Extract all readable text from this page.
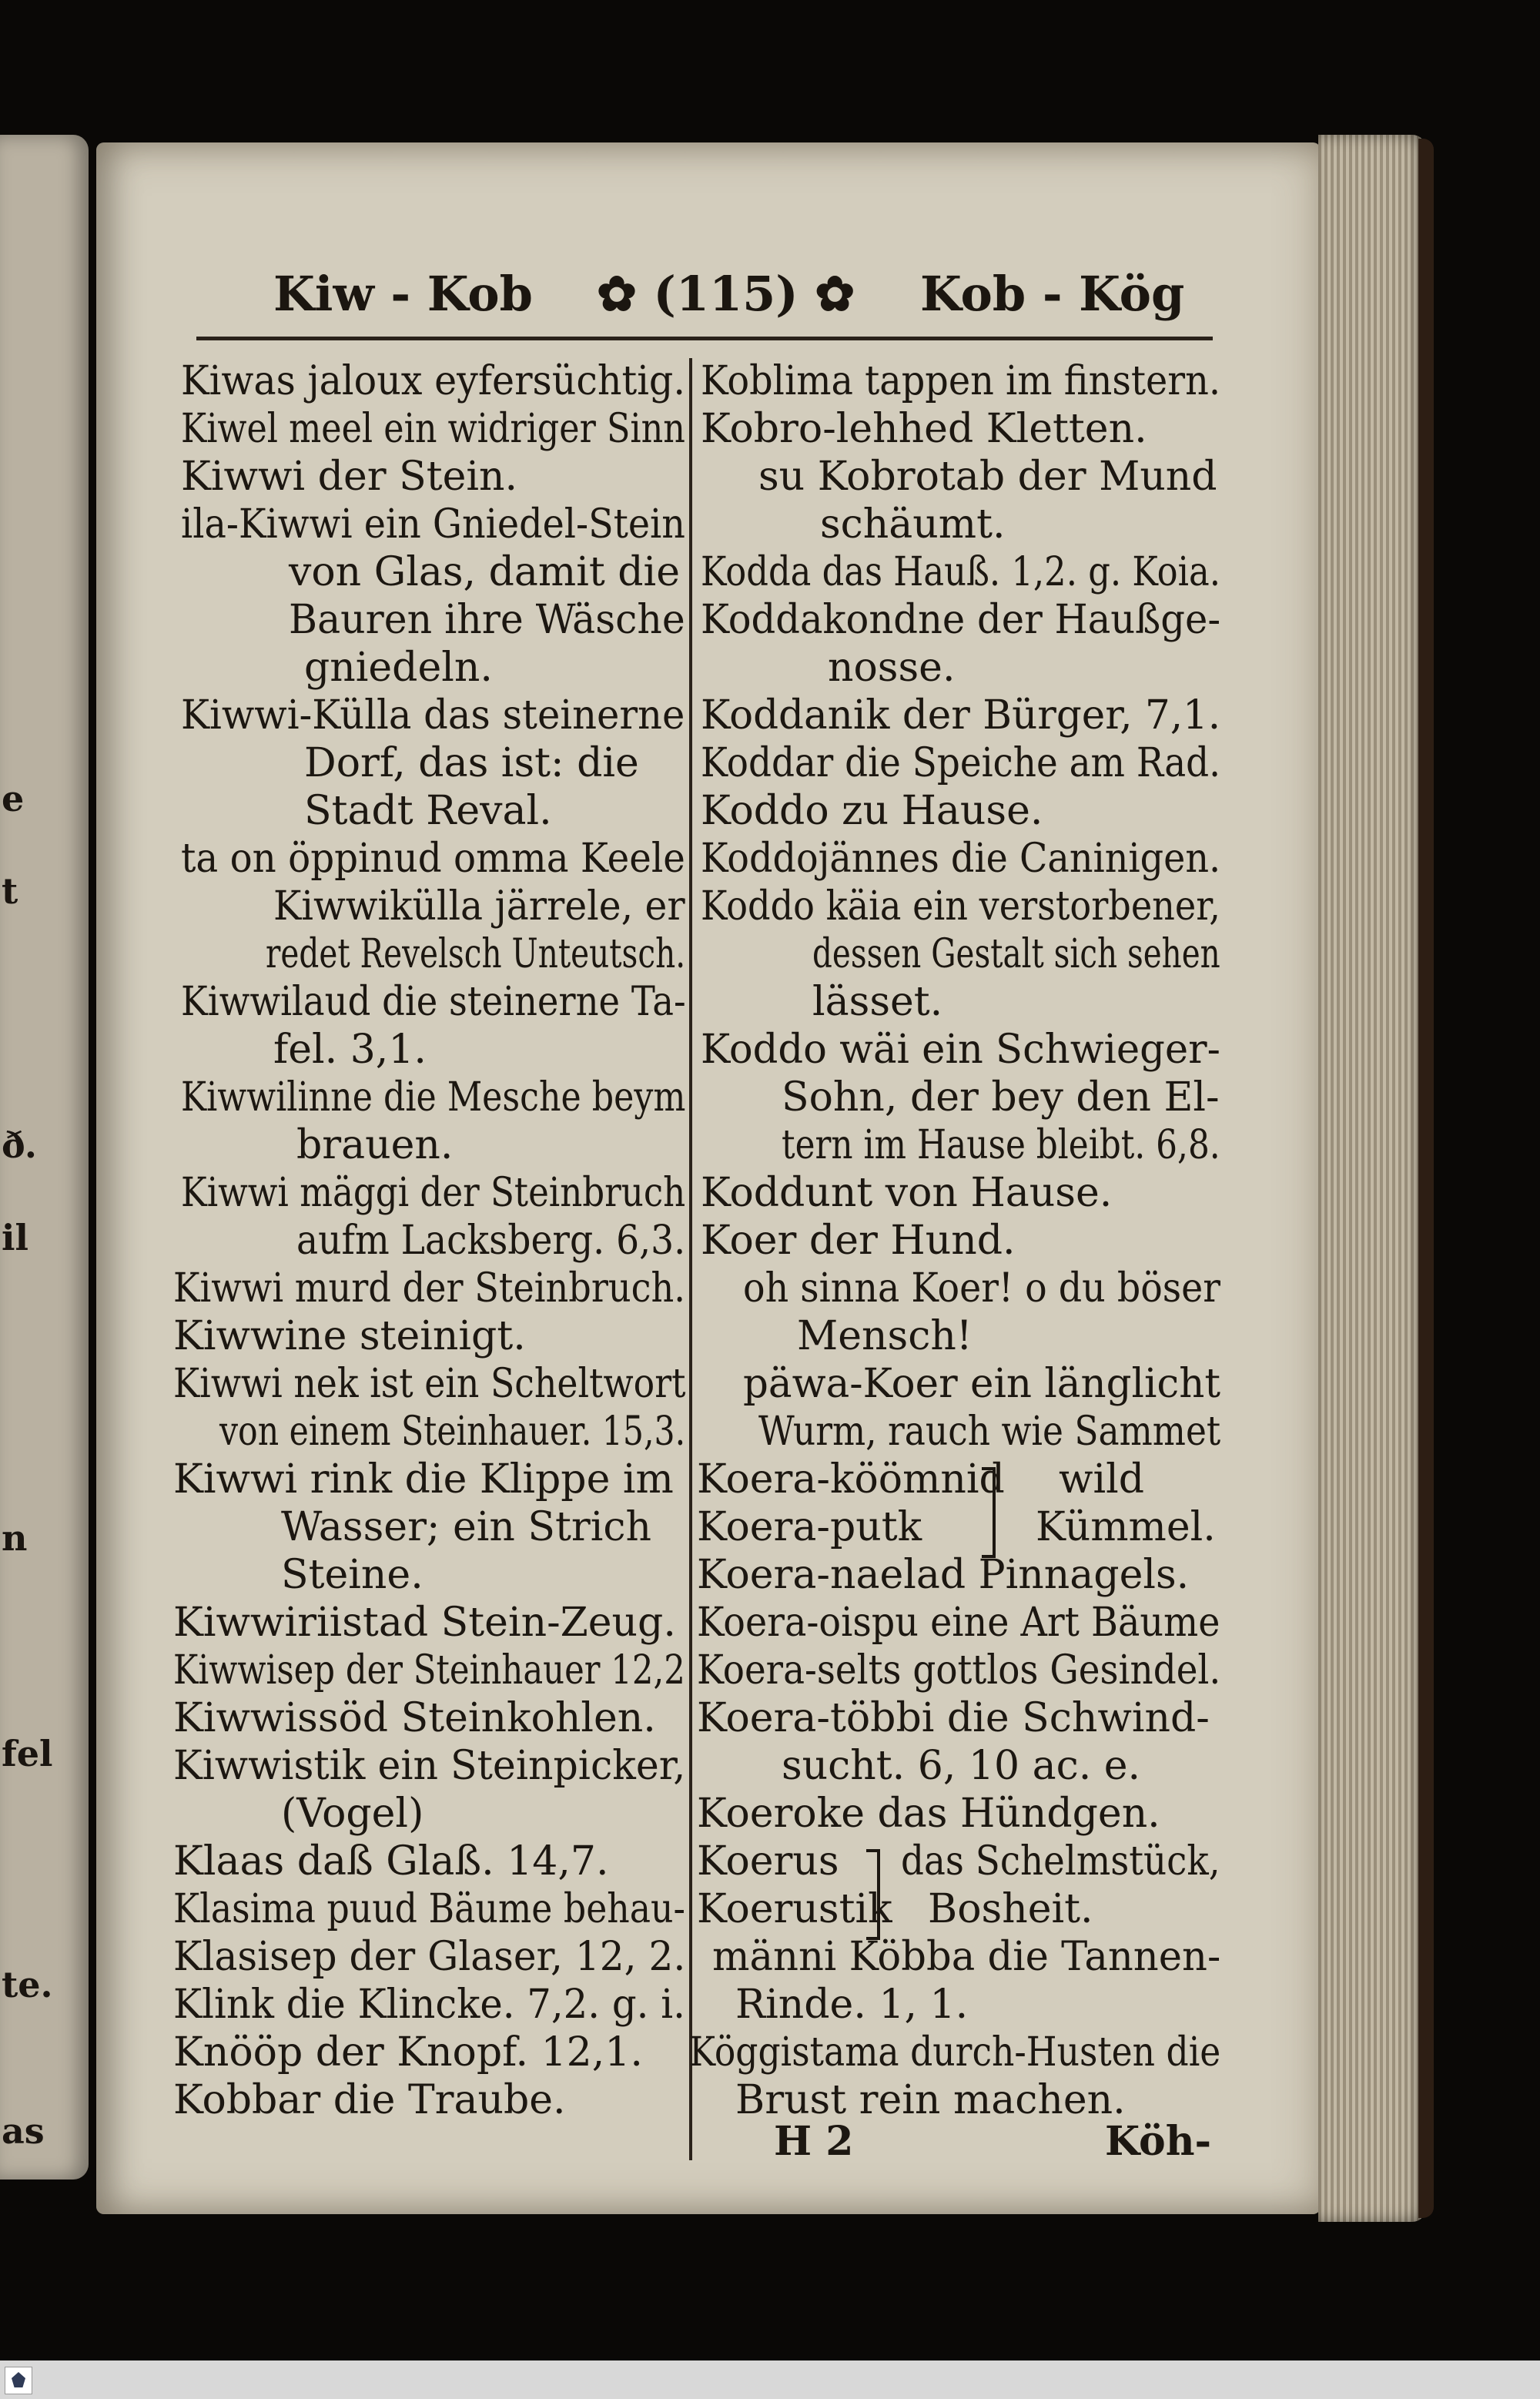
e
t
ð.
il
n
fel
te.
as
Kiw - Kob ✿ (115) ✿ Kob - Kög
Kiwas jaloux eyfersüchtig.
Kiwel meel ein widriger Sinn
Kiwwi der Stein.
ila-Kiwwi ein Gniedel-Stein
von Glas, damit die
Bauren ihre Wäsche
gniedeln.
Kiwwi-Külla das steinerne
Dorf, das ist: die
Stadt Reval.
ta on öppinud omma Keele
Kiwwikülla järrele, er
redet Revelsch Unteutsch.
Kiwwilaud die steinerne Ta-
fel. 3,1.
Kiwwilinne die Mesche beym
brauen.
Kiwwi mäggi der Steinbruch
aufm Lacksberg. 6,3.
Kiwwi murd der Steinbruch.
Kiwwine steinigt.
Kiwwi nek ist ein Scheltwort
von einem Steinhauer. 15,3.
Kiwwi rink die Klippe im
Wasser; ein Strich
Steine.
Kiwwiriistad Stein-Zeug.
Kiwwisep der Steinhauer 12,2
Kiwwissöd Steinkohlen.
Kiwwistik ein Steinpicker,
(Vogel)
Klaas daß Glaß. 14,7.
Klasima puud Bäume behau-
Klasisep der Glaser, 12, 2.
Klink die Klincke. 7,2. g. i.
Knööp der Knopf. 12,1.
Kobbar die Traube.
Koblima tappen im finstern.
Kobro-lehhed Kletten.
su Kobrotab der Mund
schäumt.
Kodda das Hauß. 1,2. g. Koia.
Koddakondne der Haußge-
nosse.
Koddanik der Bürger, 7,1.
Koddar die Speiche am Rad.
Koddo zu Hause.
Koddojännes die Caninigen.
Koddo käia ein verstorbener,
dessen Gestalt sich sehen
lässet.
Koddo wäi ein Schwieger-
Sohn, der bey den El-
tern im Hause bleibt. 6,8.
Koddunt von Hause.
Koer der Hund.
oh sinna Koer! o du böser
Mensch!
päwa-Koer ein länglicht
Wurm, rauch wie Sammet
Koera-köömnid
Koera-putk
wild
Kümmel.
Koera-naelad Pinnagels.
Koera-oispu eine Art Bäume
Koera-selts gottlos Gesindel.
Koera-többi die Schwind-
sucht. 6, 10 ac. e.
Koeroke das Hündgen.
Koerus
Koerustik
das Schelmstück,
Bosheit.
männi Köbba die Tannen-
Rinde. 1, 1.
Köggistama durch-Husten die
Brust rein machen.
H 2	Köh-
